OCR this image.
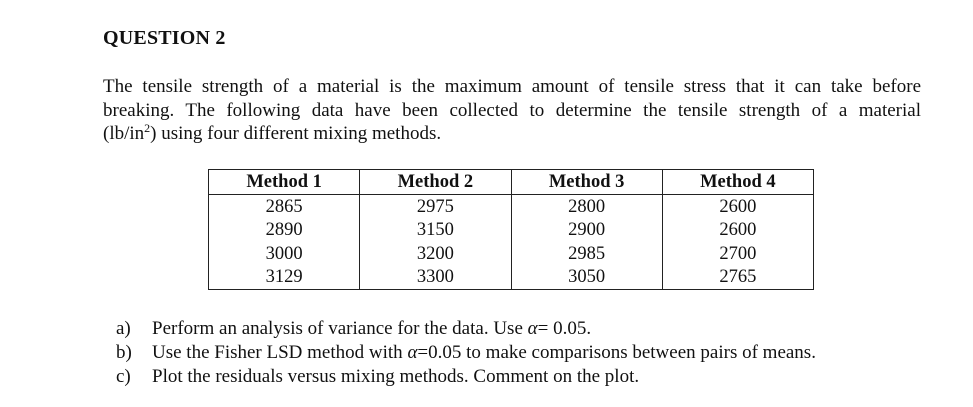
QUESTION 2
The tensile strength of a material is the maximum amount of tensile stress that it can take before
breaking. The following data have been collected to determine the tensile strength of a material
$(lb/in^2)$ using four different mixing methods.
Method 1	Method 2	Method 3	Method 4
2865	2975	2800	2600
2890	3150	2900	2600
3000	3200	2985	2700
3129	3300	3050	2765
a)	Perform an analysis of variance for the data. Use α= 0.05.
b)	Use the Fisher LSD method with α=0.05 to make comparisons between pairs of means.
c)	Plot the residuals versus mixing methods. Comment on the plot.
